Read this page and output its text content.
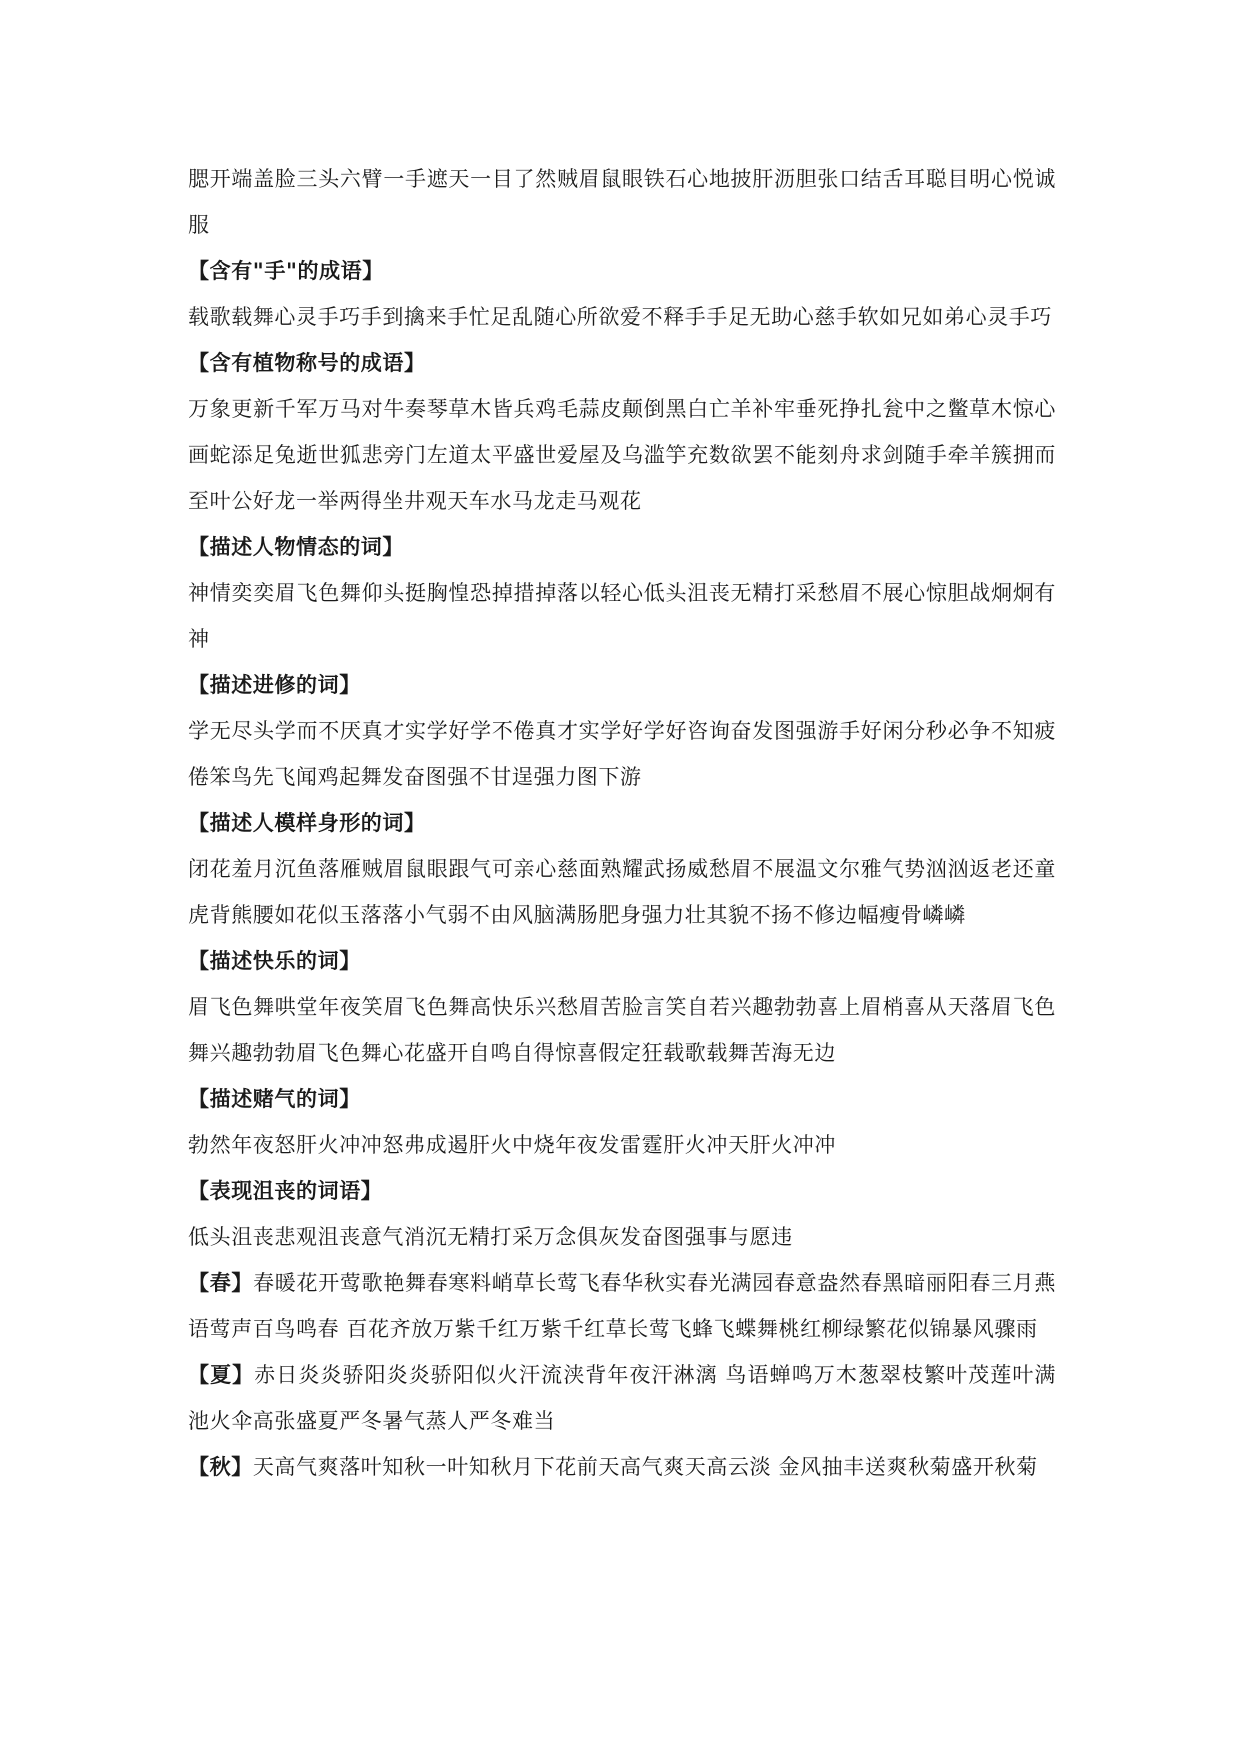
腮开端盖脸三头六臂一手遮天一目了然贼眉鼠眼铁石心地披肝沥胆张口结舌耳聪目明心悦诚服

【含有"手"的成语】

载歌载舞心灵手巧手到擒来手忙足乱随心所欲爱不释手手足无助心慈手软如兄如弟心灵手巧

【含有植物称号的成语】

万象更新千军万马对牛奏琴草木皆兵鸡毛蒜皮颠倒黑白亡羊补牢垂死挣扎瓮中之鳖草木惊心画蛇添足兔逝世狐悲旁门左道太平盛世爱屋及乌滥竽充数欲罢不能刻舟求剑随手牵羊簇拥而至叶公好龙一举两得坐井观天车水马龙走马观花

【描述人物情态的词】

神情奕奕眉飞色舞仰头挺胸惶恐掉措掉落以轻心低头沮丧无精打采愁眉不展心惊胆战炯炯有神

【描述进修的词】

学无尽头学而不厌真才实学好学不倦真才实学好学好咨询奋发图强游手好闲分秒必争不知疲倦笨鸟先飞闻鸡起舞发奋图强不甘逞强力图下游

【描述人模样身形的词】

闭花羞月沉鱼落雁贼眉鼠眼跟气可亲心慈面熟耀武扬威愁眉不展温文尔雅气势汹汹返老还童虎背熊腰如花似玉落落小气弱不由风脑满肠肥身强力壮其貌不扬不修边幅瘦骨嶙嶙

【描述快乐的词】

眉飞色舞哄堂年夜笑眉飞色舞高快乐兴愁眉苦脸言笑自若兴趣勃勃喜上眉梢喜从天落眉飞色舞兴趣勃勃眉飞色舞心花盛开自鸣自得惊喜假定狂载歌载舞苦海无边

【描述赌气的词】

勃然年夜怒肝火冲冲怒弗成遏肝火中烧年夜发雷霆肝火冲天肝火冲冲

【表现沮丧的词语】

低头沮丧悲观沮丧意气消沉无精打采万念俱灰发奋图强事与愿违

【春】春暖花开莺歌艳舞春寒料峭草长莺飞春华秋实春光满园春意盎然春黑暗丽阳春三月燕语莺声百鸟鸣春 百花齐放万紫千红万紫千红草长莺飞蜂飞蝶舞桃红柳绿繁花似锦暴风骤雨

【夏】赤日炎炎骄阳炎炎骄阳似火汗流浃背年夜汗淋漓 鸟语蝉鸣万木葱翠枝繁叶茂莲叶满池火伞高张盛夏严冬暑气蒸人严冬难当

【秋】天高气爽落叶知秋一叶知秋月下花前天高气爽天高云淡 金风抽丰送爽秋菊盛开秋菊
